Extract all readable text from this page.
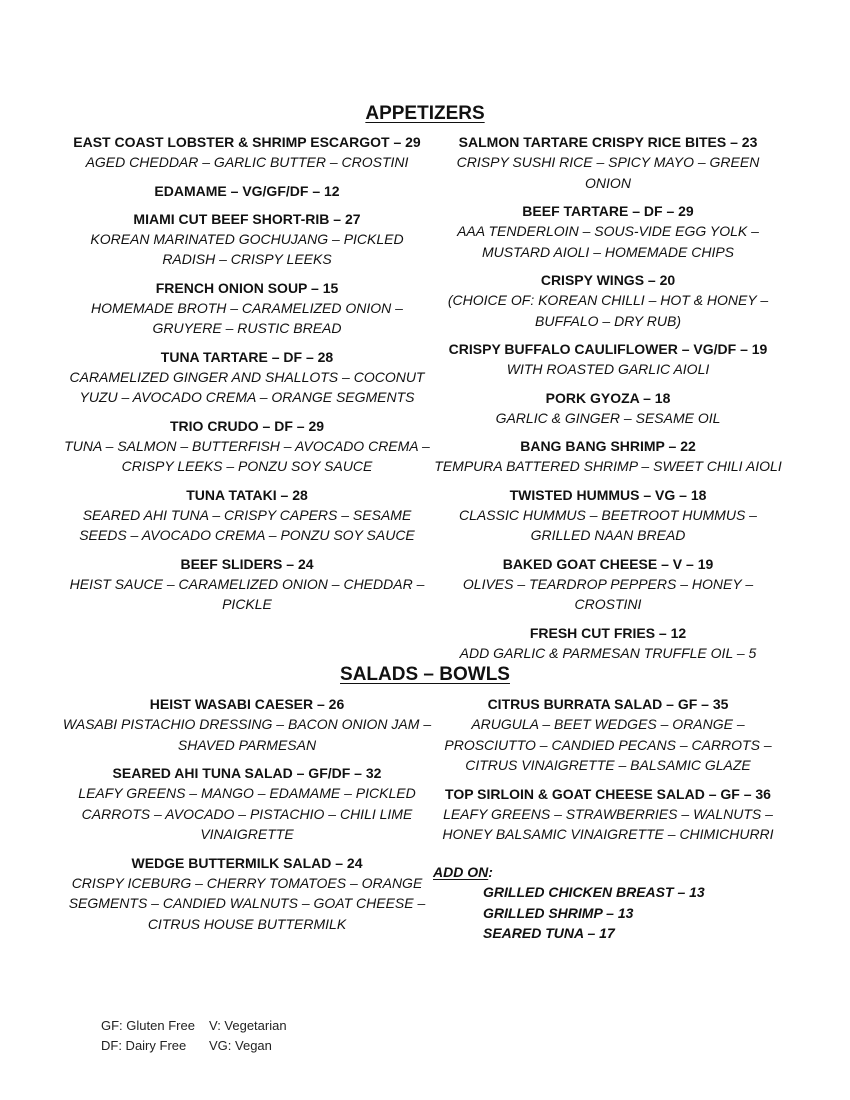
APPETIZERS
EAST COAST LOBSTER & SHRIMP ESCARGOT – 29
AGED CHEDDAR – GARLIC BUTTER – CROSTINI
EDAMAME – VG/GF/DF – 12
MIAMI CUT BEEF SHORT-RIB – 27
KOREAN MARINATED GOCHUJANG – PICKLED RADISH – CRISPY LEEKS
FRENCH ONION SOUP – 15
HOMEMADE BROTH – CARAMELIZED ONION – GRUYERE – RUSTIC BREAD
TUNA TARTARE – DF – 28
CARAMELIZED GINGER AND SHALLOTS – COCONUT YUZU – AVOCADO CREMA – ORANGE SEGMENTS
TRIO CRUDO – DF – 29
TUNA – SALMON – BUTTERFISH – AVOCADO CREMA – CRISPY LEEKS – PONZU SOY SAUCE
TUNA TATAKI – 28
SEARED AHI TUNA – CRISPY CAPERS – SESAME SEEDS – AVOCADO CREMA – PONZU SOY SAUCE
BEEF SLIDERS – 24
HEIST SAUCE – CARAMELIZED ONION – CHEDDAR – PICKLE
SALMON TARTARE CRISPY RICE BITES – 23
CRISPY SUSHI RICE – SPICY MAYO – GREEN ONION
BEEF TARTARE – DF – 29
AAA TENDERLOIN – SOUS-VIDE EGG YOLK – MUSTARD AIOLI – HOMEMADE CHIPS
CRISPY WINGS – 20
(CHOICE OF: KOREAN CHILLI – HOT & HONEY – BUFFALO – DRY RUB)
CRISPY BUFFALO CAULIFLOWER – VG/DF – 19
WITH ROASTED GARLIC AIOLI
PORK GYOZA – 18
GARLIC & GINGER – SESAME OIL
BANG BANG SHRIMP – 22
TEMPURA BATTERED SHRIMP – SWEET CHILI AIOLI
TWISTED HUMMUS – VG – 18
CLASSIC HUMMUS – BEETROOT HUMMUS – GRILLED NAAN BREAD
BAKED GOAT CHEESE – V – 19
OLIVES – TEARDROP PEPPERS – HONEY – CROSTINI
FRESH CUT FRIES – 12
ADD GARLIC & PARMESAN TRUFFLE OIL – 5
SALADS – BOWLS
HEIST WASABI CAESER – 26
WASABI PISTACHIO DRESSING – BACON ONION JAM – SHAVED PARMESAN
SEARED AHI TUNA SALAD – GF/DF – 32
LEAFY GREENS – MANGO – EDAMAME – PICKLED CARROTS – AVOCADO – PISTACHIO – CHILI LIME VINAIGRETTE
WEDGE BUTTERMILK SALAD – 24
CRISPY ICEBURG – CHERRY TOMATOES – ORANGE SEGMENTS – CANDIED WALNUTS – GOAT CHEESE – CITRUS HOUSE BUTTERMILK
CITRUS BURRATA SALAD – GF – 35
ARUGULA – BEET WEDGES – ORANGE – PROSCIUTTO – CANDIED PECANS – CARROTS – CITRUS VINAIGRETTE – BALSAMIC GLAZE
TOP SIRLOIN & GOAT CHEESE SALAD – GF – 36
LEAFY GREENS – STRAWBERRIES – WALNUTS – HONEY BALSAMIC VINAIGRETTE – CHIMICHURRI
ADD ON:
GRILLED CHICKEN BREAST – 13
GRILLED SHRIMP – 13
SEARED TUNA – 17
GF: Gluten Free V: Vegetarian
DF: Dairy Free VG: Vegan
